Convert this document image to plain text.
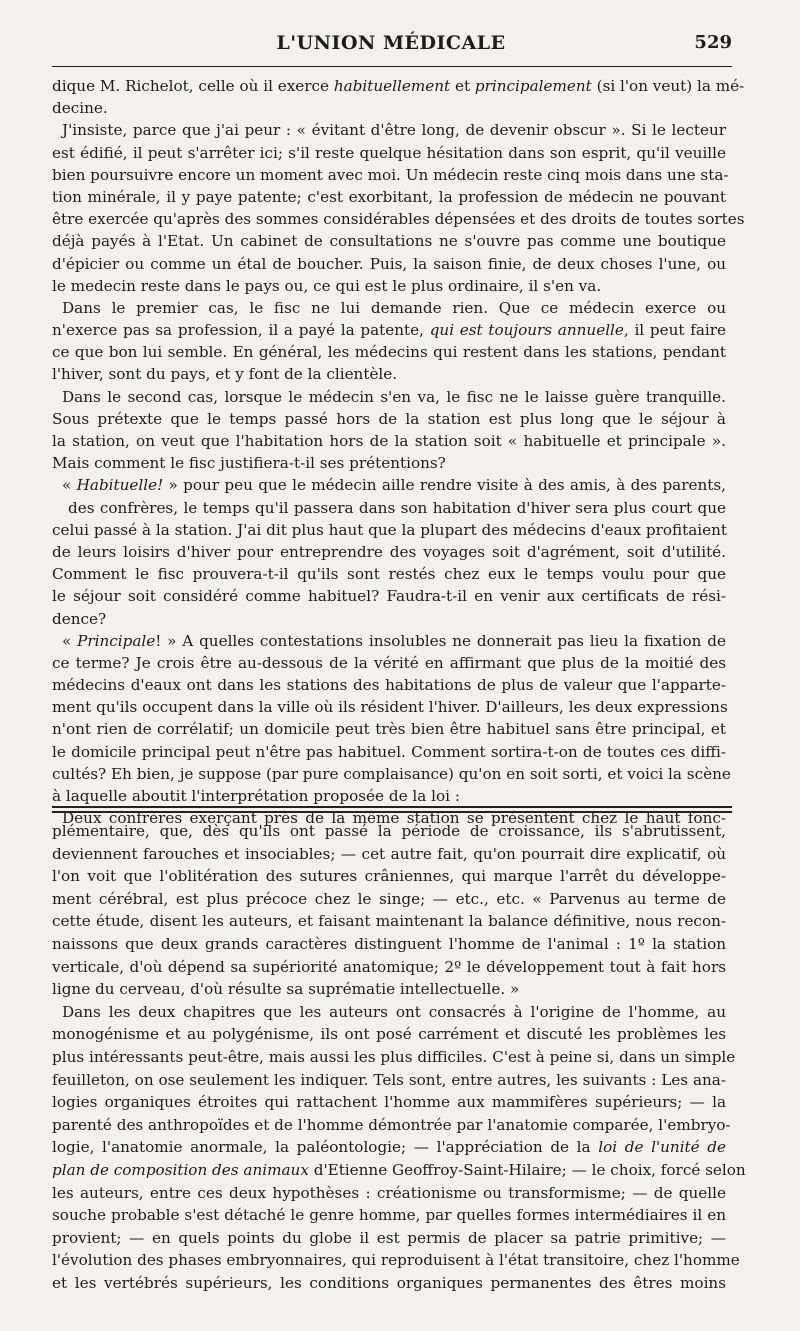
L'UNION MÉDICALE	529
dique M. Richelot, celle où il exerce habituellement et principalement (si l'on veut) la mé-
decine.
J'insiste, parce que j'ai peur : « évitant d'être long, de devenir obscur ». Si le lecteur
est édifié, il peut s'arrêter ici; s'il reste quelque hésitation dans son esprit, qu'il veuille
bien poursuivre encore un moment avec moi. Un médecin reste cinq mois dans une sta-
tion minérale, il y paye patente; c'est exorbitant, la profession de médecin ne pouvant
être exercée qu'après des sommes considérables dépensées et des droits de toutes sortes
déjà payés à l'Etat. Un cabinet de consultations ne s'ouvre pas comme une boutique
d'épicier ou comme un étal de boucher. Puis, la saison finie, de deux choses l'une, ou
le medecin reste dans le pays ou, ce qui est le plus ordinaire, il s'en va.
Dans le premier cas, le fisc ne lui demande rien. Que ce médecin exerce ou
n'exerce pas sa profession, il a payé la patente, qui est toujours annuelle, il peut faire
ce que bon lui semble. En général, les médecins qui restent dans les stations, pendant
l'hiver, sont du pays, et y font de la clientèle.
Dans le second cas, lorsque le médecin s'en va, le fisc ne le laisse guère tranquille.
Sous prétexte que le temps passé hors de la station est plus long que le séjour à
la station, on veut que l'habitation hors de la station soit « habituelle et principale ».
Mais comment le fisc justifiera-t-il ses prétentions?
« Habituelle! » pour peu que le médecin aille rendre visite à des amis, à des parents,
des confrères, le temps qu'il passera dans son habitation d'hiver sera plus court que
celui passé à la station. J'ai dit plus haut que la plupart des médecins d'eaux profitaient
de leurs loisirs d'hiver pour entreprendre des voyages soit d'agrément, soit d'utilité.
Comment le fisc prouvera-t-il qu'ils sont restés chez eux le temps voulu pour que
le séjour soit considéré comme habituel? Faudra-t-il en venir aux certificats de rési-
dence?
« Principale! » A quelles contestations insolubles ne donnerait pas lieu la fixation de
ce terme? Je crois être au-dessous de la vérité en affirmant que plus de la moitié des
médecins d'eaux ont dans les stations des habitations de plus de valeur que l'apparte-
ment qu'ils occupent dans la ville où ils résident l'hiver. D'ailleurs, les deux expressions
n'ont rien de corrélatif; un domicile peut très bien être habituel sans être principal, et
le domicile principal peut n'être pas habituel. Comment sortira-t-on de toutes ces diffi-
cultés? Eh bien, je suppose (par pure complaisance) qu'on en soit sorti, et voici la scène
à laquelle aboutit l'interprétation proposée de la loi :
Deux confrères exerçant près de la même station se présentent chez le haut fonc-
plémentaire, que, dès qu'ils ont passé la période de croissance, ils s'abrutissent,
deviennent farouches et insociables; — cet autre fait, qu'on pourrait dire explicatif, où
l'on voit que l'oblitération des sutures crâniennes, qui marque l'arrêt du développe-
ment cérébral, est plus précoce chez le singe; — etc., etc. « Parvenus au terme de
cette étude, disent les auteurs, et faisant maintenant la balance définitive, nous recon-
naissons que deux grands caractères distinguent l'homme de l'animal : 1º la station
verticale, d'où dépend sa supériorité anatomique; 2º le développement tout à fait hors
ligne du cerveau, d'où résulte sa suprématie intellectuelle. »
Dans les deux chapitres que les auteurs ont consacrés à l'origine de l'homme, au
monogénisme et au polygénisme, ils ont posé carrément et discuté les problèmes les
plus intéressants peut-être, mais aussi les plus difficiles. C'est à peine si, dans un simple
feuilleton, on ose seulement les indiquer. Tels sont, entre autres, les suivants : Les ana-
logies organiques étroites qui rattachent l'homme aux mammifères supérieurs; — la
parenté des anthropoïdes et de l'homme démontrée par l'anatomie comparée, l'embryo-
logie, l'anatomie anormale, la paléontologie; — l'appréciation de la loi de l'unité de
plan de composition des animaux d'Etienne Geoffroy-Saint-Hilaire; — le choix, forcé selon
les auteurs, entre ces deux hypothèses : créationisme ou transformisme; — de quelle
souche probable s'est détaché le genre homme, par quelles formes intermédiaires il en
provient; — en quels points du globe il est permis de placer sa patrie primitive; —
l'évolution des phases embryonnaires, qui reproduisent à l'état transitoire, chez l'homme
et les vertébrés supérieurs, les conditions organiques permanentes des êtres moins
